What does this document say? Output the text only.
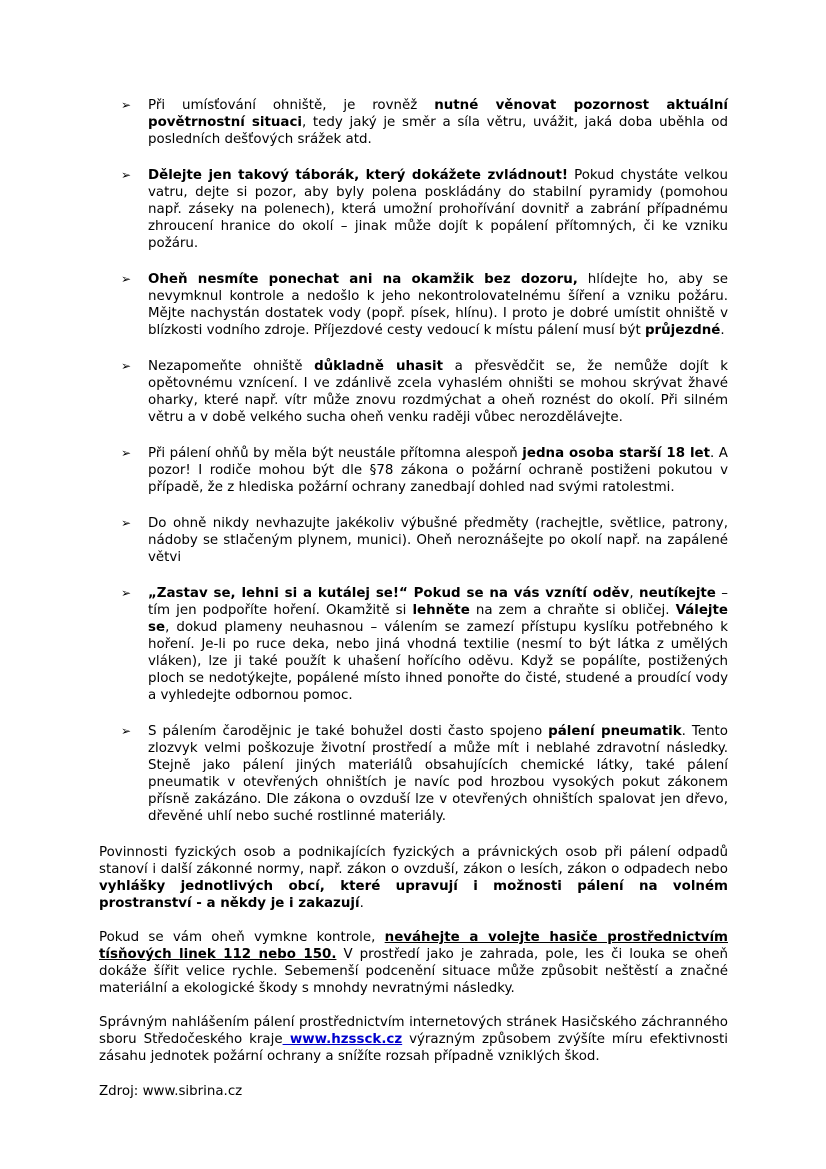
➢ Při umísťování ohniště, je rovněž nutné věnovat pozornost aktuální povětrnostní situaci, tedy jaký je směr a síla větru, uvážit, jaká doba uběhla od posledních dešťových srážek atd.
➢ Dělejte jen takový táborák, který dokážete zvládnout! Pokud chystáte velkou vatru, dejte si pozor, aby byly polena poskládány do stabilní pyramidy (pomohou např. záseky na polenech), která umožní prohořívání dovnitř a zabrání případnému zhroucení hranice do okolí – jinak může dojít k popálení přítomných, či ke vzniku požáru.
➢ Oheň nesmíte ponechat ani na okamžik bez dozoru, hlídejte ho, aby se nevymknul kontrole a nedošlo k jeho nekontrolovatelnému šíření a vzniku požáru. Mějte nachystán dostatek vody (popř. písek, hlínu). I proto je dobré umístit ohniště v blízkosti vodního zdroje. Příjezdové cesty vedoucí k místu pálení musí být průjezdné.
➢ Nezapomeňte ohniště důkladně uhasit a přesvědčit se, že nemůže dojít k opětovnému vznícení. I ve zdánlivě zcela vyhaslém ohništi se mohou skrývat žhavé oharky, které např. vítr může znovu rozdmýchat a oheň roznést do okolí. Při silném větru a v době velkého sucha oheň venku raději vůbec nerozdělávejte.
➢ Při pálení ohňů by měla být neustále přítomna alespoň jedna osoba starší 18 let. A pozor! I rodiče mohou být dle §78 zákona o požární ochraně postiženi pokutou v případě, že z hlediska požární ochrany zanedbají dohled nad svými ratolestmi.
➢ Do ohně nikdy nevhazujte jakékoliv výbušné předměty (rachejtle, světlice, patrony, nádoby se stlačeným plynem, munici). Oheň neroznášejte po okolí např. na zapálené větvi
➢ „Zastav se, lehni si a kutálej se!“ Pokud se na vás vznítí oděv, neutíkejte – tím jen podpoříte hoření. Okamžitě si lehněte na zem a chraňte si obličej. Válejte se, dokud plameny neuhasnou – válením se zamezí přístupu kyslíku potřebného k hoření. Je-li po ruce deka, nebo jiná vhodná textilie (nesmí to být látka z umělých vláken), lze ji také použít k uhašení hořícího oděvu. Když se popálíte, postižených ploch se nedotýkejte, popálené místo ihned ponořte do čisté, studené a proudící vody a vyhledejte odbornou pomoc.
➢ S pálením čarodějnic je také bohužel dosti často spojeno pálení pneumatik. Tento zlozvyk velmi poškozuje životní prostředí a může mít i neblahé zdravotní následky. Stejně jako pálení jiných materiálů obsahujících chemické látky, také pálení pneumatik v otevřených ohništích je navíc pod hrozbou vysokých pokut zákonem přísně zakázáno. Dle zákona o ovzduší lze v otevřených ohništích spalovat jen dřevo, dřevěné uhlí nebo suché rostlinné materiály.

Povinnosti fyzických osob a podnikajících fyzických a právnických osob při pálení odpadů stanoví i další zákonné normy, např. zákon o ovzduší, zákon o lesích, zákon o odpadech nebo vyhlášky jednotlivých obcí, které upravují i možnosti pálení na volném prostranství - a někdy je i zakazují.

Pokud se vám oheň vymkne kontrole, neváhejte a volejte hasiče prostřednictvím tísňových linek 112 nebo 150. V prostředí jako je zahrada, pole, les či louka se oheň dokáže šířit velice rychle. Sebemenší podcenění situace může způsobit neštěstí a značné materiální a ekologické škody s mnohdy nevratnými následky.

Správným nahlášením pálení prostřednictvím internetových stránek Hasičského záchranného sboru Středočeského kraje www.hzssck.cz výrazným způsobem zvýšíte míru efektivnosti zásahu jednotek požární ochrany a snížíte rozsah případně vzniklých škod.

Zdroj: www.sibrina.cz
